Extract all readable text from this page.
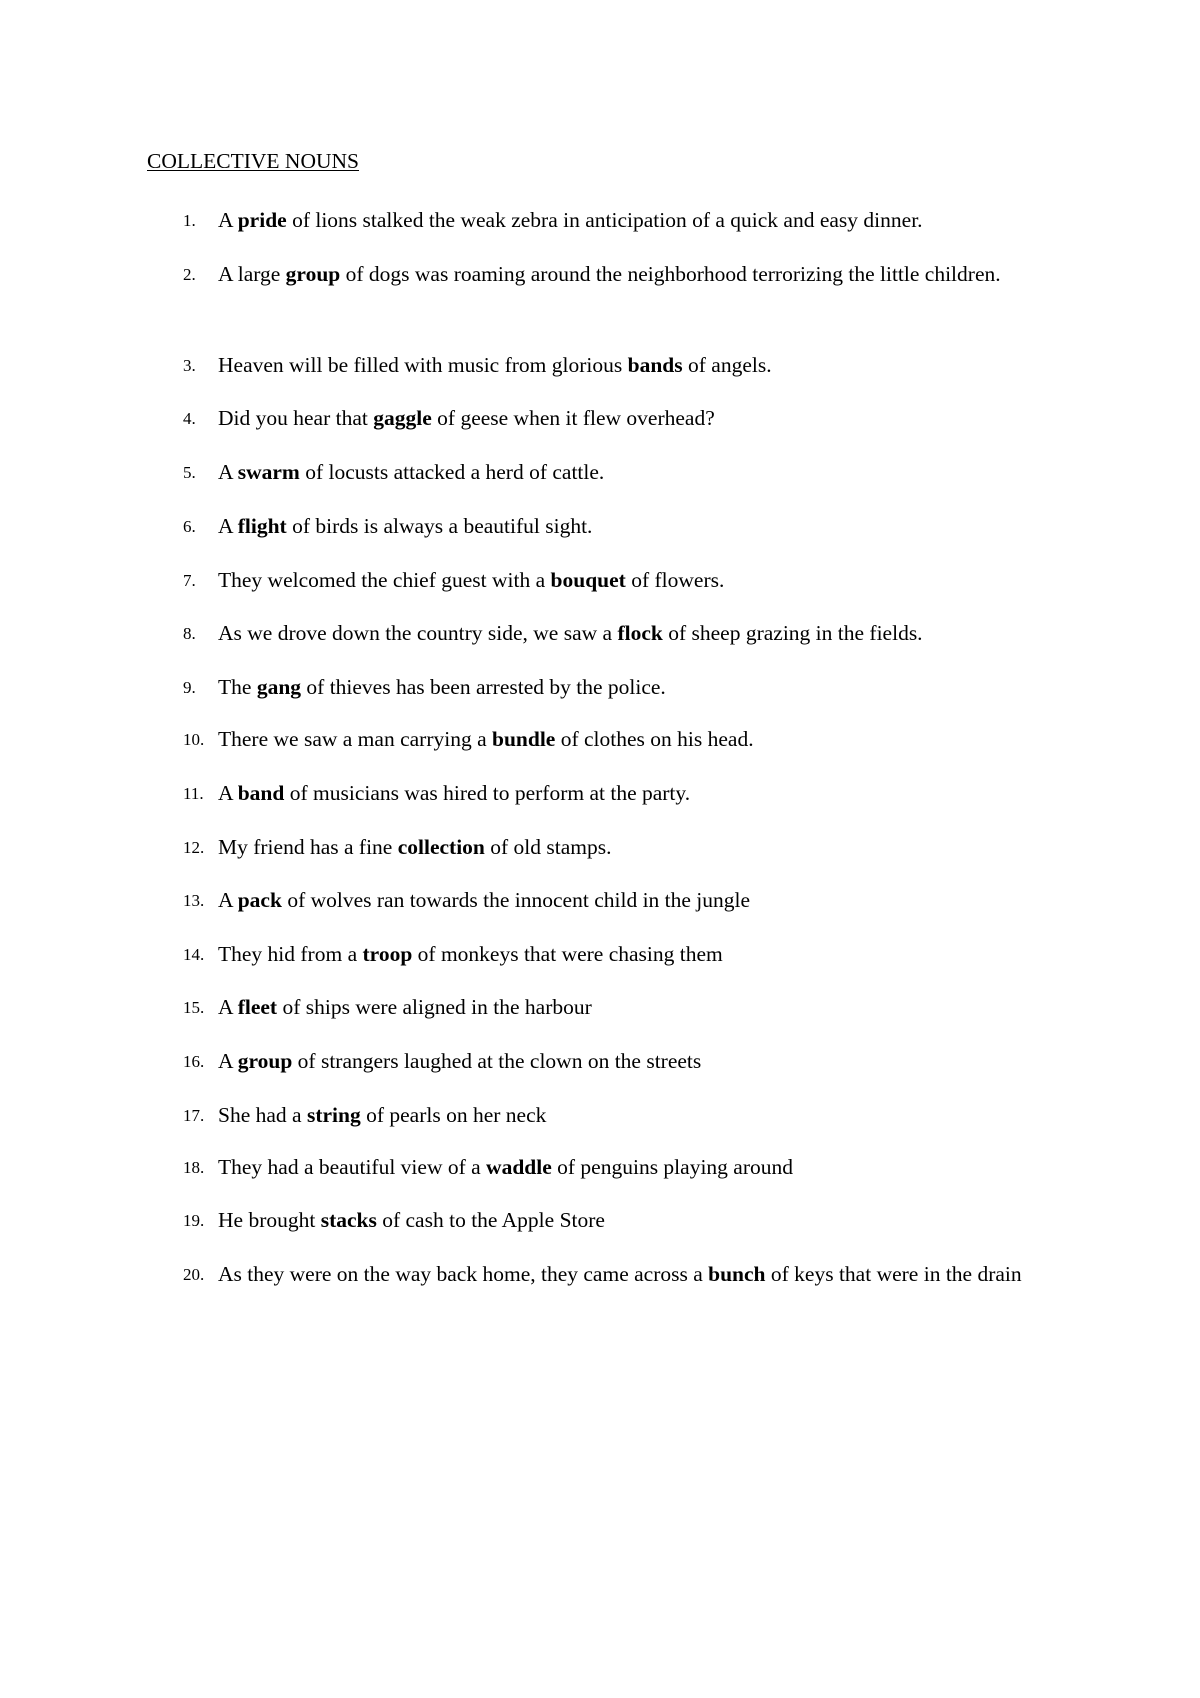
COLLECTIVE NOUNS
1. A pride of lions stalked the weak zebra in anticipation of a quick and easy dinner.
2. A large group of dogs was roaming around the neighborhood terrorizing the little children.
3. Heaven will be filled with music from glorious bands of angels.
4. Did you hear that gaggle of geese when it flew overhead?
5. A swarm of locusts attacked a herd of cattle.
6. A flight of birds is always a beautiful sight.
7. They welcomed the chief guest with a bouquet of flowers.
8. As we drove down the country side, we saw a flock of sheep grazing in the fields.
9. The gang of thieves has been arrested by the police.
10. There we saw a man carrying a bundle of clothes on his head.
11. A band of musicians was hired to perform at the party.
12. My friend has a fine collection of old stamps.
13. A pack of wolves ran towards the innocent child in the jungle
14. They hid from a troop of monkeys that were chasing them
15. A fleet of ships were aligned in the harbour
16. A group of strangers laughed at the clown on the streets
17. She had a string of pearls on her neck
18. They had a beautiful view of a waddle of penguins playing around
19. He brought stacks of cash to the Apple Store
20. As they were on the way back home, they came across a bunch of keys that were in the drain
